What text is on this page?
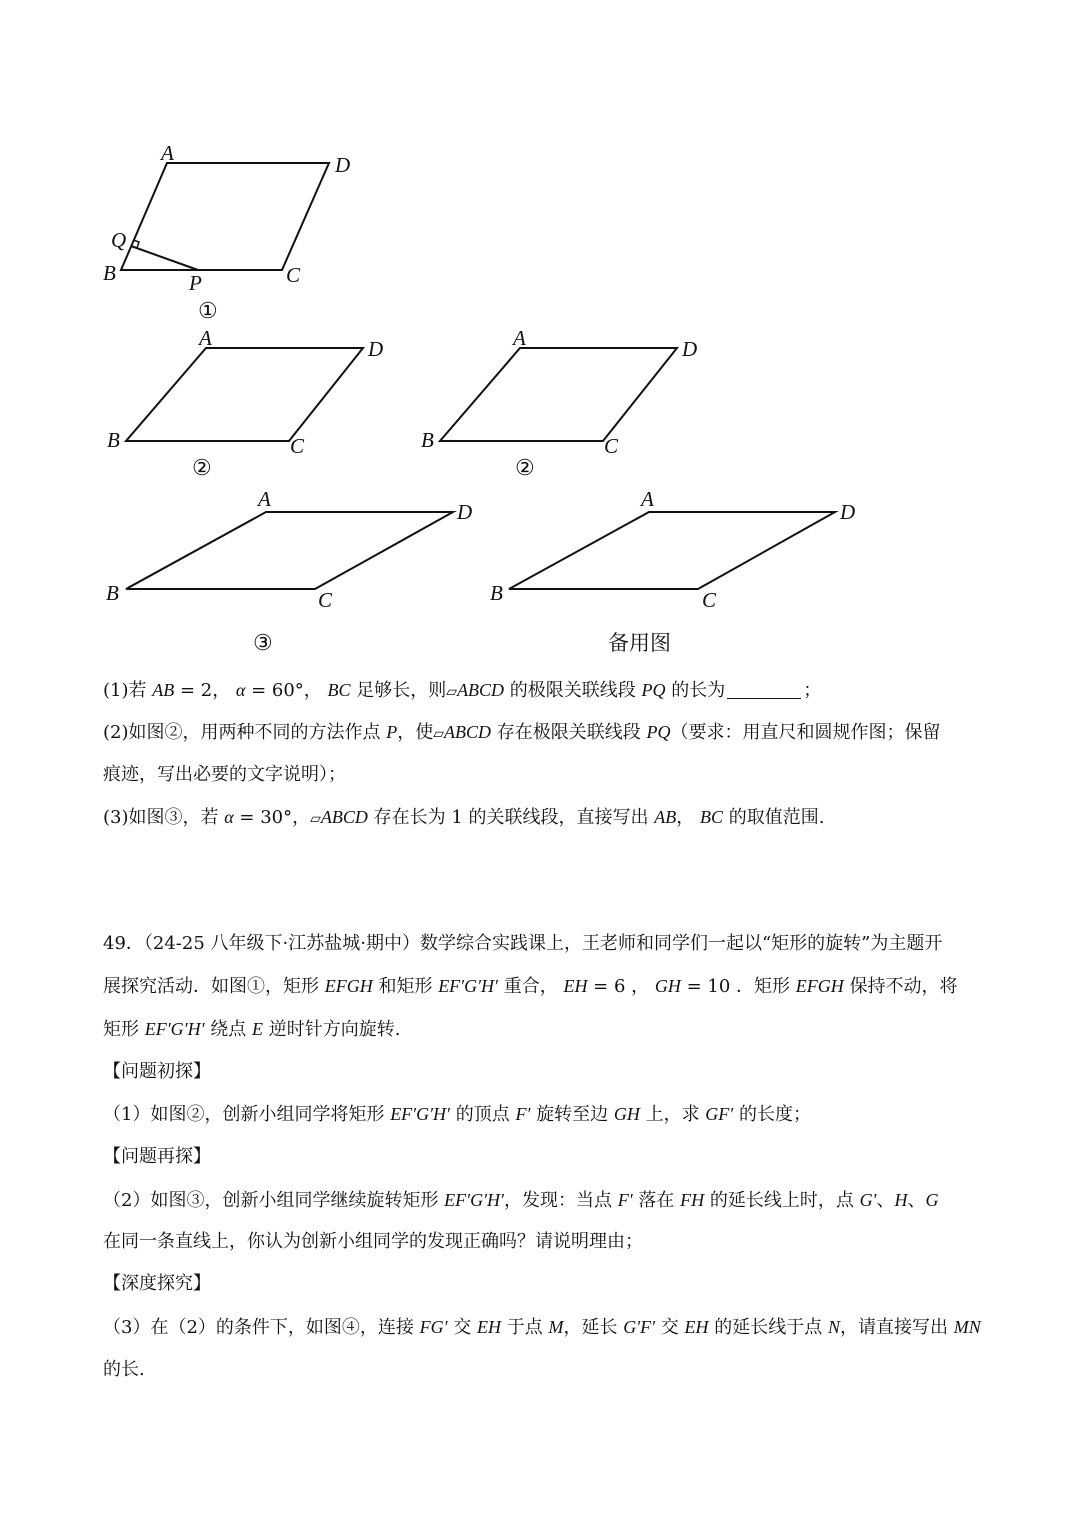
A	D
Q
B	P	C
①
A	D
B	C
②
A	D
B	C
②
A
D
B	C
③
A
D
B	C
备用图
(1)若 AB = 2， α = 60°， BC 足够长，则▱ABCD 的极限关联线段 PQ 的长为	；
(2)如图②，用两种不同的方法作点 P，使▱ABCD 存在极限关联线段 PQ（要求：用直尺和圆规作图；保留
痕迹，写出必要的文字说明）；
(3)如图③，若 α = 30°，▱ABCD 存在长为 1 的关联线段，直接写出 AB， BC 的取值范围.
49．（24-25 八年级下·江苏盐城·期中）数学综合实践课上，王老师和同学们一起以“矩形的旋转”为主题开
展探究活动．如图①，矩形 EFGH 和矩形 EF′G′H′ 重合， EH = 6 ， GH = 10 ．矩形 EFGH 保持不动，将
矩形 EF′G′H′ 绕点 E 逆时针方向旋转.
【问题初探】
（1）如图②，创新小组同学将矩形 EF′G′H′ 的顶点 F′ 旋转至边 GH 上，求 GF′ 的长度；
【问题再探】
（2）如图③，创新小组同学继续旋转矩形 EF′G′H′，发现：当点 F′ 落在 FH 的延长线上时，点 G′、H、G
在同一条直线上，你认为创新小组同学的发现正确吗？请说明理由；
【深度探究】
（3）在（2）的条件下，如图④，连接 FG′ 交 EH 于点 M，延长 G′F′ 交 EH 的延长线于点 N，请直接写出 MN
的长.
